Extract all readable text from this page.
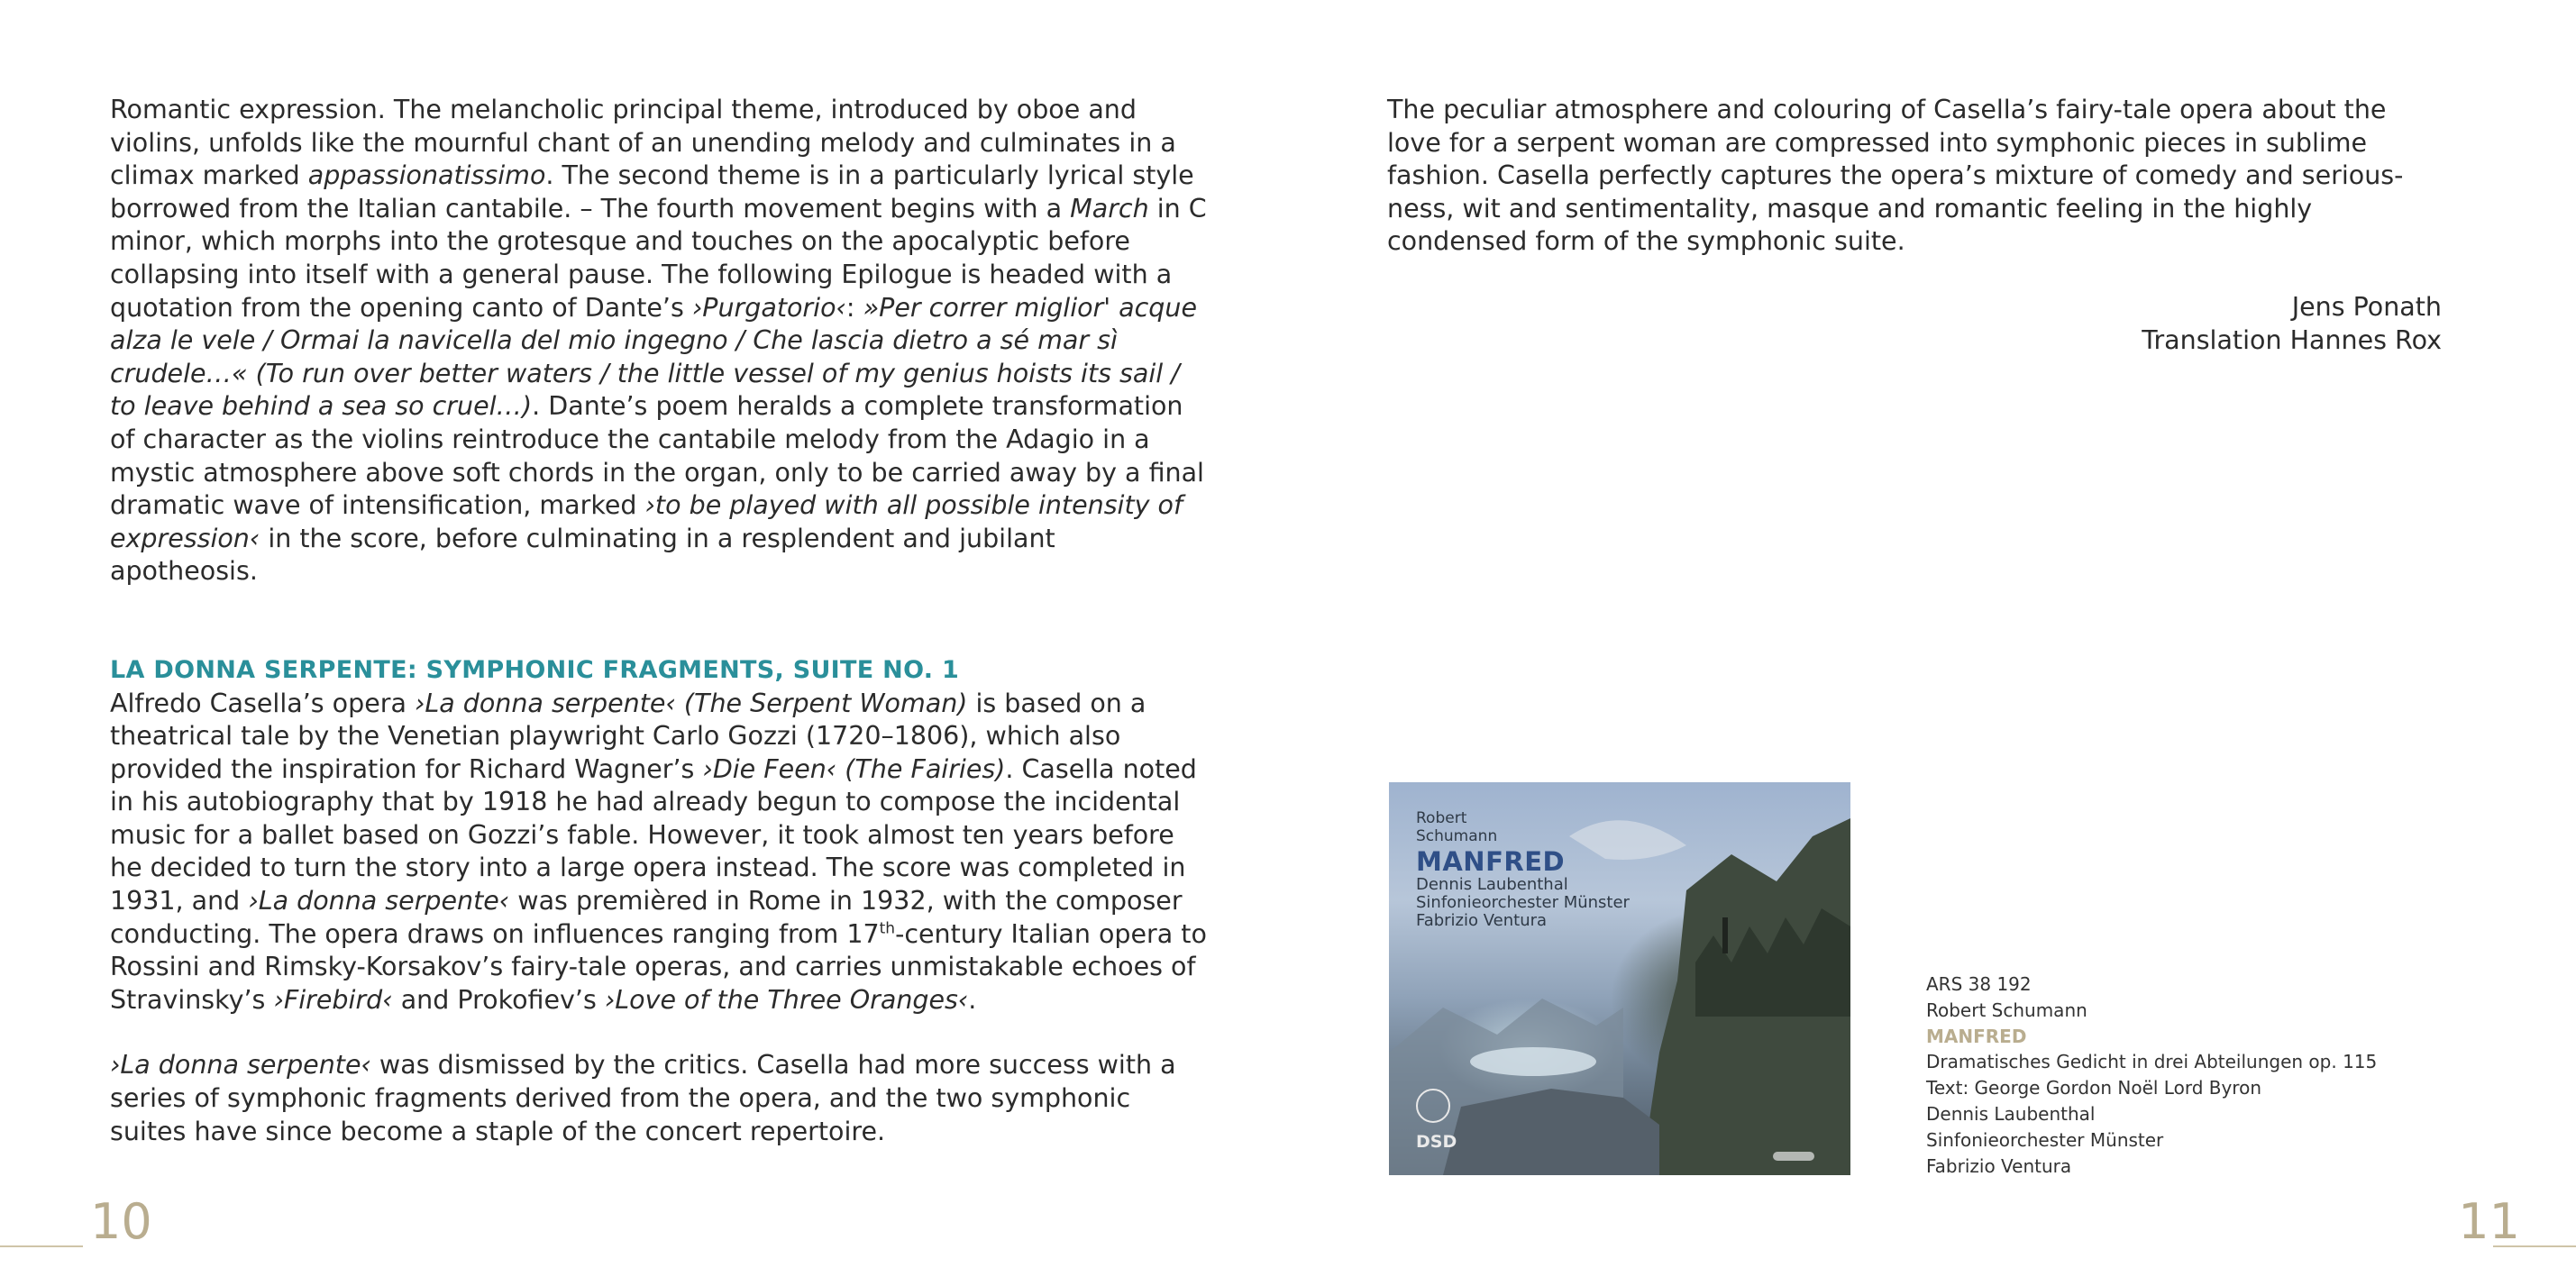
Romantic expression. The melancholic principal theme, introduced by oboe and violins, unfolds like the mournful chant of an unending melody and culminates in a climax marked appassionatissimo. The second theme is in a particularly lyrical style borrowed from the Italian cantabile. – The fourth movement begins with a March in C minor, which morphs into the grotesque and touches on the apocalyptic before collapsing into itself with a general pause. The following Epilogue is headed with a quotation from the opening canto of Dante’s ›Purgatorio‹: »Per correr miglior' acque alza le vele / Ormai la navicella del mio ingegno / Che lascia dietro a sé mar sì crudele…« (To run over better waters / the little vessel of my genius hoists its sail / to leave behind a sea so cruel…). Dante’s poem heralds a complete transformation of character as the violins reintroduce the cantabile melody from the Adagio in a mystic atmosphere above soft chords in the organ, only to be carried away by a final dramatic wave of intensification, marked ›to be played with all possible intensity of expression‹ in the score, before culminating in a resplendent and jubilant apotheosis.

LA DONNA SERPENTE: SYMPHONIC FRAGMENTS, SUITE NO. 1

Alfredo Casella’s opera ›La donna serpente‹ (The Serpent Woman) is based on a theatrical tale by the Venetian playwright Carlo Gozzi (1720–1806), which also provided the inspiration for Richard Wagner’s ›Die Feen‹ (The Fairies). Casella noted in his autobiography that by 1918 he had already begun to compose the incidental music for a ballet based on Gozzi’s fable. However, it took almost ten years before he decided to turn the story into a large opera instead. The score was completed in 1931, and ›La donna serpente‹ was premièred in Rome in 1932, with the composer conducting. The opera draws on influences ranging from 17th-century Italian opera to Rossini and Rimsky-Korsakov’s fairy-tale operas, and carries unmistakable echoes of Stravinsky’s ›Firebird‹ and Prokofiev’s ›Love of the Three Oranges‹.

›La donna serpente‹ was dismissed by the critics. Casella had more success with a series of symphonic fragments derived from the opera, and the two symphonic suites have since become a staple of the concert repertoire.

10

The peculiar atmosphere and colouring of Casella’s fairy-tale opera about the love for a serpent woman are compressed into symphonic pieces in sublime fashion. Casella perfectly captures the opera’s mixture of comedy and seriousness, wit and sentimentality, masque and romantic feeling in the highly condensed form of the symphonic suite.

Jens Ponath
Translation Hannes Rox
Robert
Schumann
MANFRED
Dennis Laubenthal
Sinfonieorchester Münster
Fabrizio Ventura
DSD
ARS 38 192
Robert Schumann
MANFRED
Dramatisches Gedicht in drei Abteilungen op. 115
Text: George Gordon Noël Lord Byron
Dennis Laubenthal
Sinfonieorchester Münster
Fabrizio Ventura
11
